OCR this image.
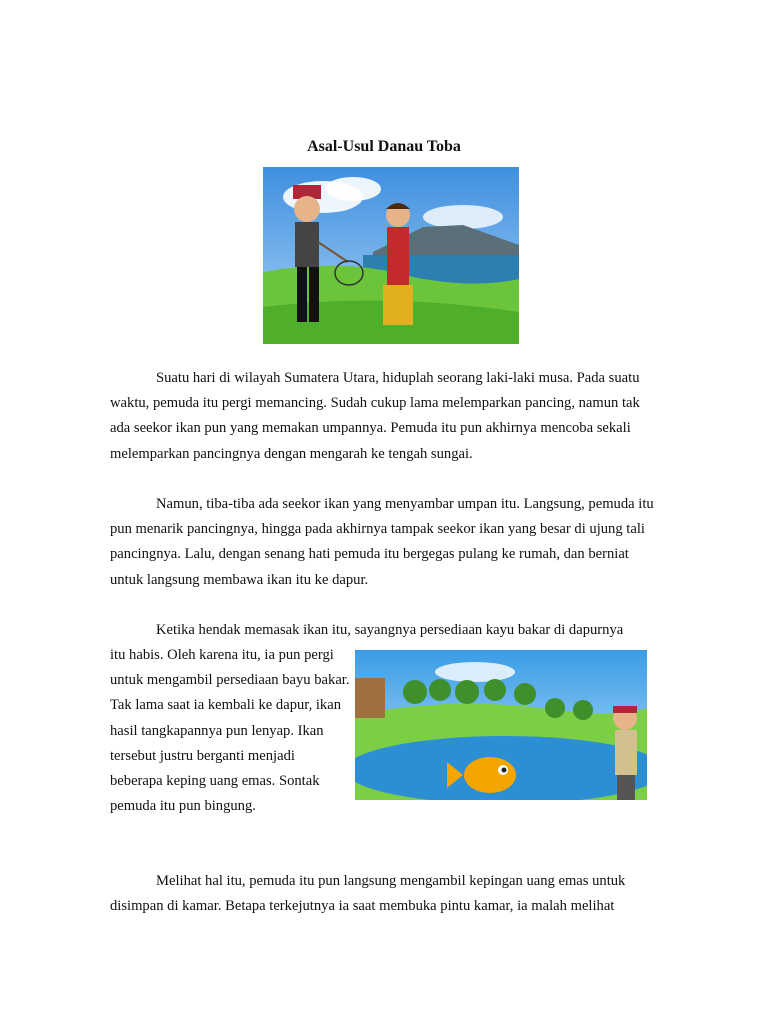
Asal-Usul Danau Toba

Suatu hari di wilayah Sumatera Utara, hiduplah seorang laki-laki musa. Pada suatu waktu, pemuda itu pergi memancing. Sudah cukup lama melemparkan pancing, namun tak ada seekor ikan pun yang memakan umpannya. Pemuda itu pun akhirnya mencoba sekali melemparkan pancingnya dengan mengarah ke tengah sungai.

Namun, tiba-tiba ada seekor ikan yang menyambar umpan itu. Langsung, pemuda itu pun menarik pancingnya, hingga pada akhirnya tampak seekor ikan yang besar di ujung tali pancingnya. Lalu, dengan senang hati pemuda itu bergegas pulang ke rumah, dan berniat untuk langsung membawa ikan itu ke dapur.

Ketika hendak memasak ikan itu, sayangnya persediaan kayu bakar di dapurnya

itu habis. Oleh karena itu, ia pun pergi untuk mengambil persediaan bayu bakar. Tak lama saat ia kembali ke dapur, ikan hasil tangkapannya pun lenyap. Ikan tersebut justru berganti menjadi beberapa keping uang emas. Sontak pemuda itu pun bingung.

Melihat hal itu, pemuda itu pun langsung mengambil kepingan uang emas untuk disimpan di kamar. Betapa terkejutnya ia saat membuka pintu kamar, ia malah melihat
